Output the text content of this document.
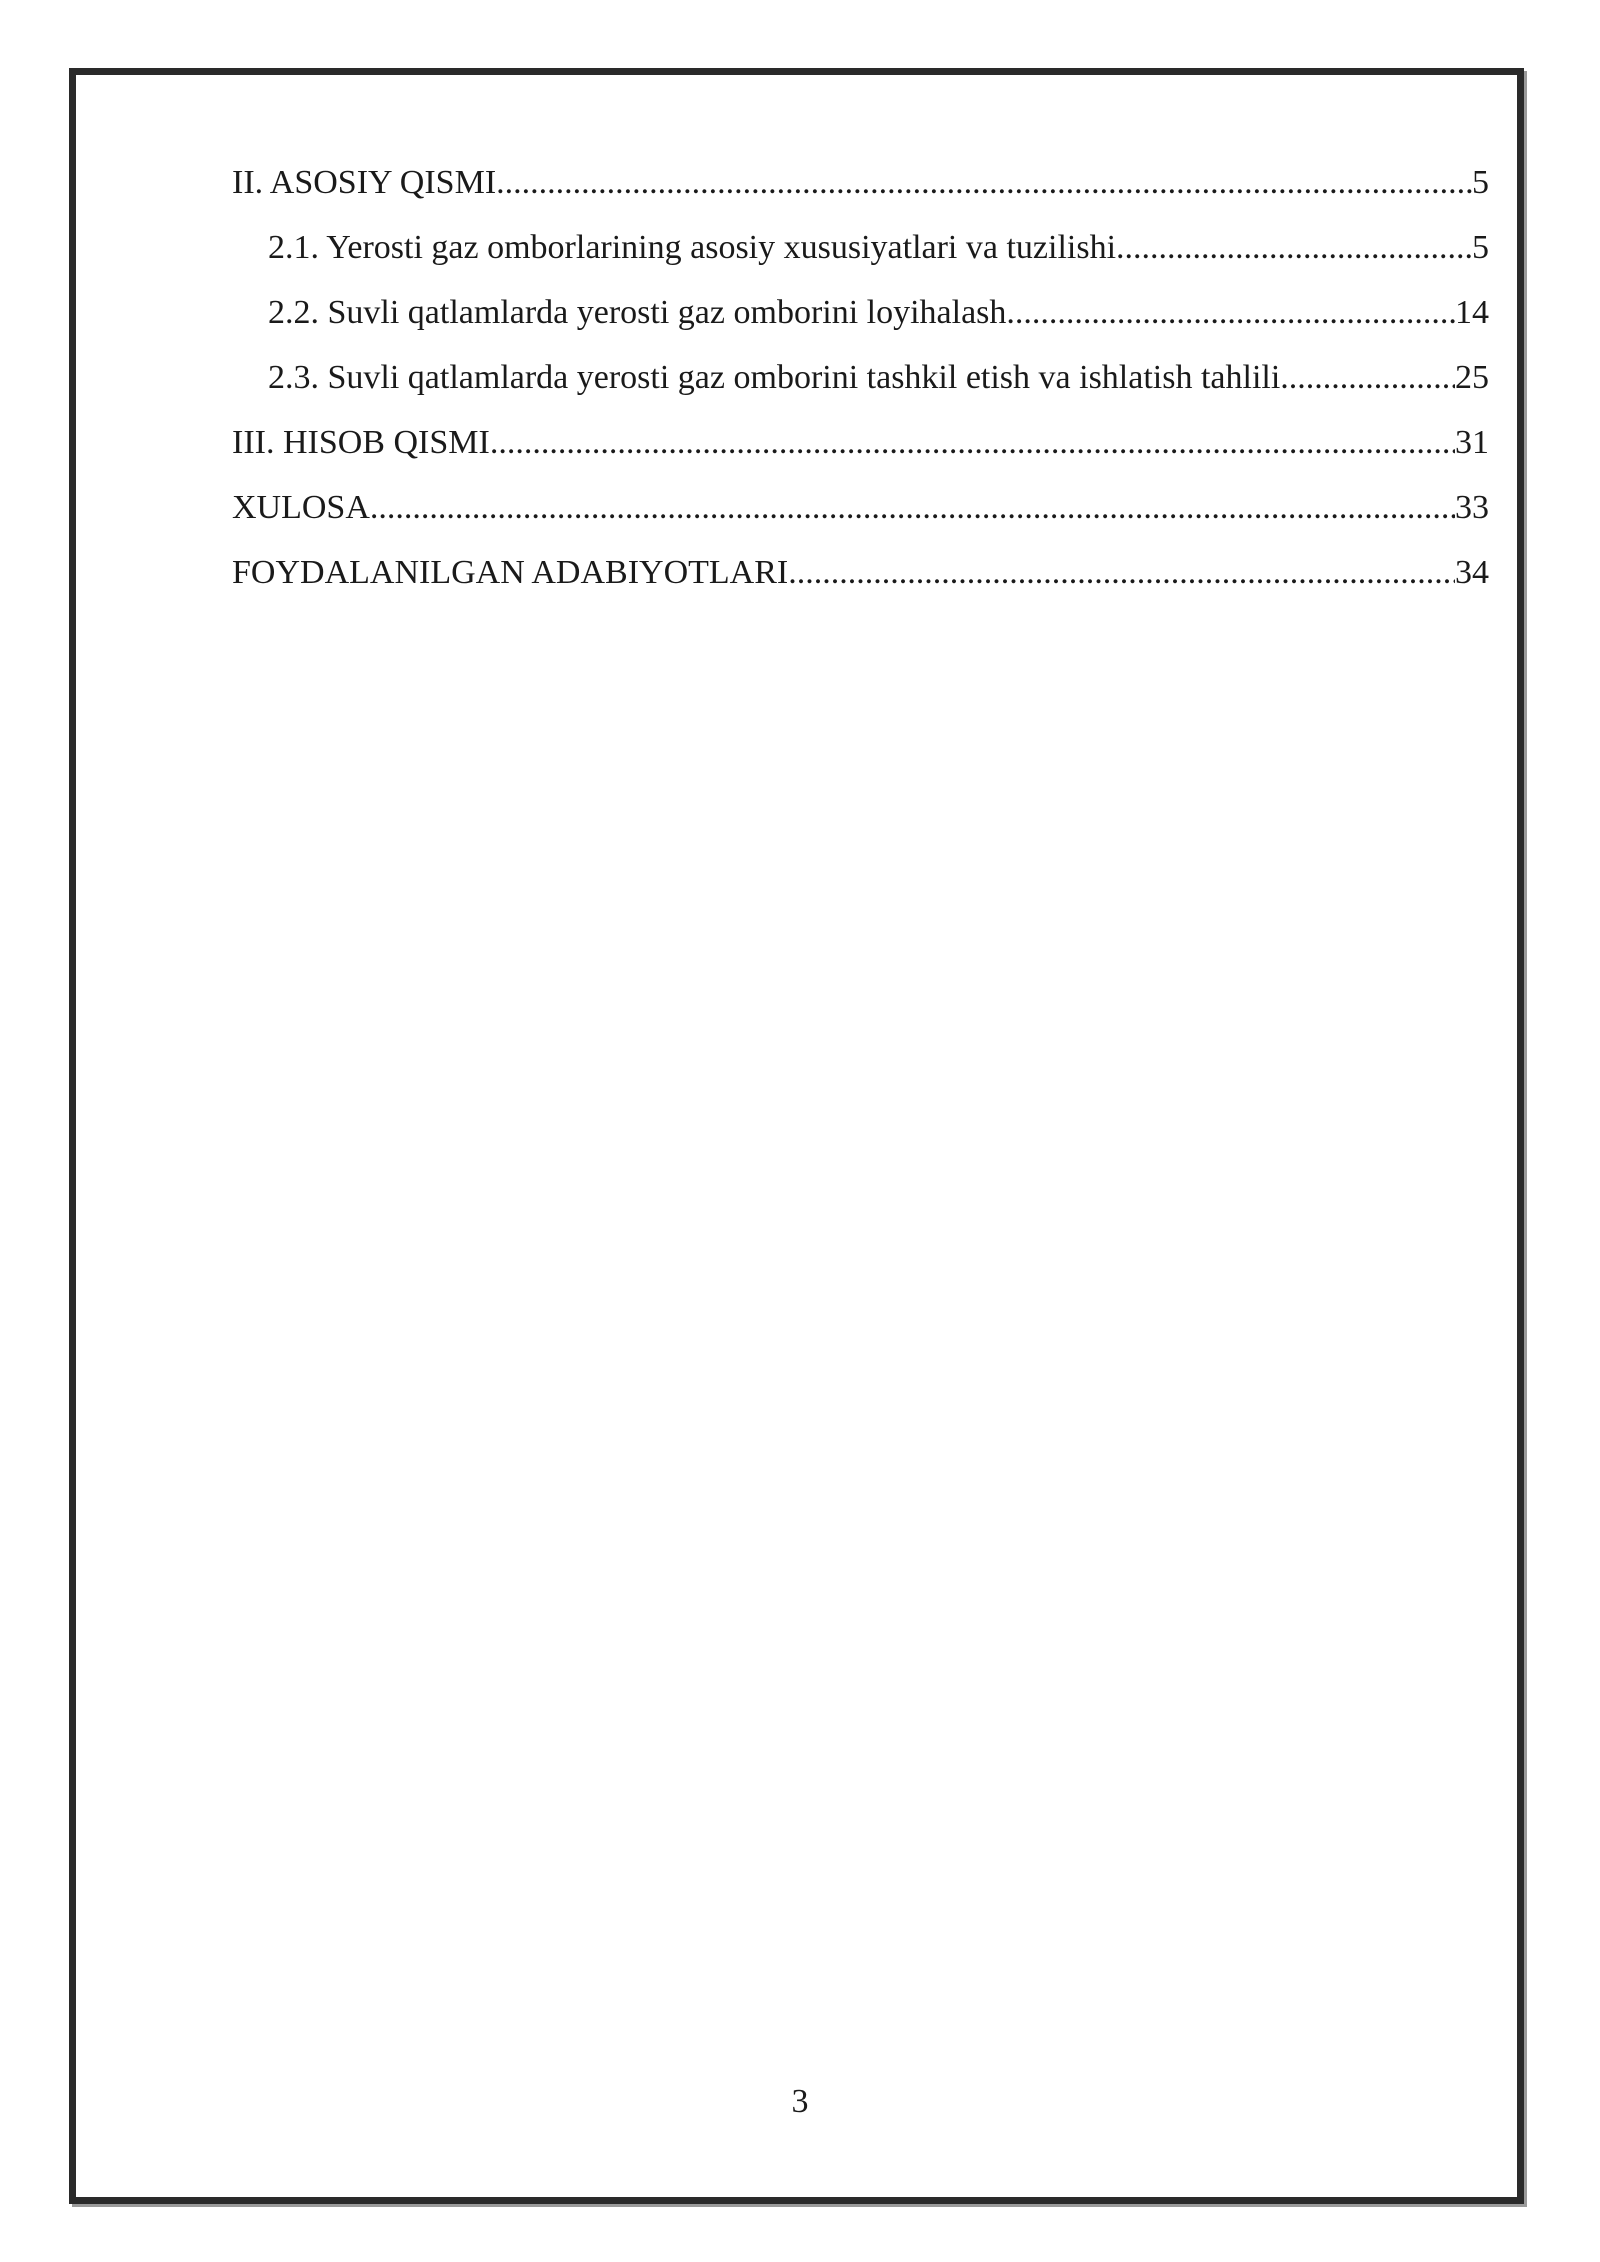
II. ASOSIY QISMI .....	5
2.1. Yerosti gaz omborlarining asosiy xususiyatlari va tuzilishi .....	5
2.2. Suvli qatlamlarda yerosti gaz omborini loyihalash .....	14
2.3. Suvli qatlamlarda yerosti gaz omborini tashkil etish va ishlatish tahlili .....	25
III. HISOB QISMI .....	31
XULOSA .....	33
FOYDALANILGAN ADABIYOTLARI .....	34
3
